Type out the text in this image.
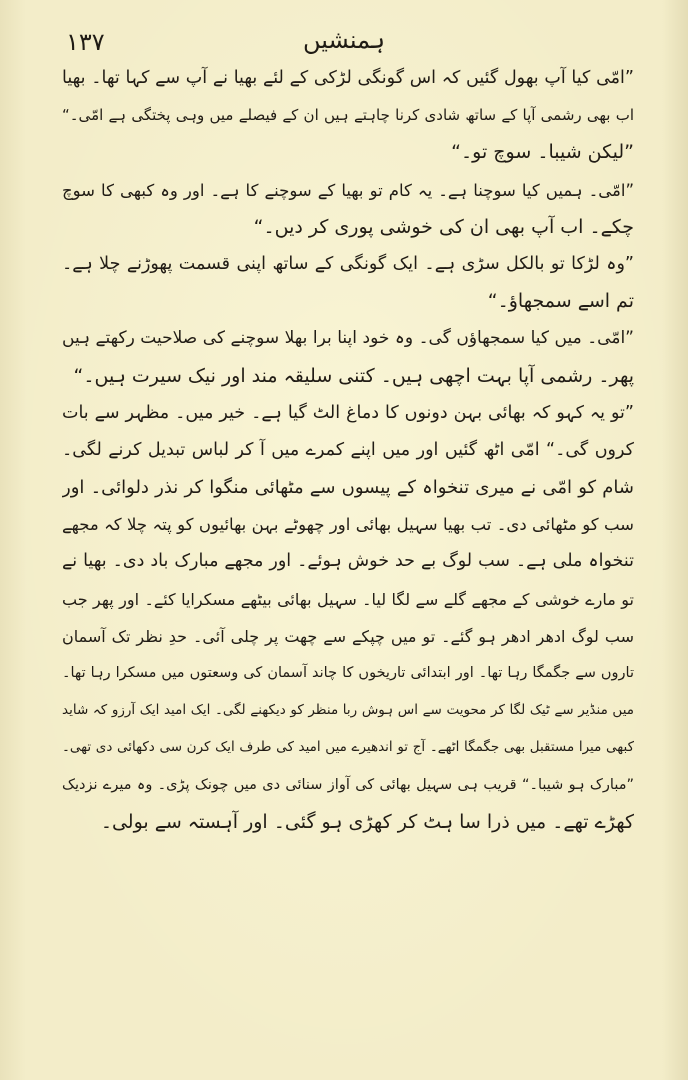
۱۳۷	ہمنشیں
”امّی کیا آپ بھول گئیں کہ اس گونگی لڑکی کے لئے بھیا نے آپ سے کہا تھا۔ بھیا
اب بھی رشمی آپا کے ساتھ شادی کرنا چاہتے ہیں ان کے فیصلے میں وہی پختگی ہے امّی۔“
”لیکن شیبا۔ سوچ تو۔“
”امّی۔ ہمیں کیا سوچنا ہے۔ یہ کام تو بھیا کے سوچنے کا ہے۔ اور وہ کبھی کا سوچ
چکے۔ اب آپ بھی ان کی خوشی پوری کر دیں۔“
”وہ لڑکا تو بالکل سڑی ہے۔ ایک گونگی کے ساتھ اپنی قسمت پھوڑنے چلا ہے۔
تم اسے سمجھاؤ۔“
”امّی۔ میں کیا سمجھاؤں گی۔ وہ خود اپنا برا بھلا سوچنے کی صلاحیت رکھتے ہیں
پھر۔ رشمی آپا بہت اچھی ہیں۔ کتنی سلیقہ مند اور نیک سیرت ہیں۔“
”تو یہ کہو کہ بھائی بہن دونوں کا دماغ الٹ گیا ہے۔ خیر میں۔ مظہر سے بات
کروں گی۔“ امّی اٹھ گئیں اور میں اپنے کمرے میں آ کر لباس تبدیل کرنے لگی۔
شام کو امّی نے میری تنخواہ کے پیسوں سے مٹھائی منگوا کر نذر دلوائی۔ اور
سب کو مٹھائی دی۔ تب بھیا سہیل بھائی اور چھوٹے بہن بھائیوں کو پتہ چلا کہ مجھے
تنخواہ ملی ہے۔ سب لوگ بے حد خوش ہوئے۔ اور مجھے مبارک باد دی۔ بھیا نے
تو مارے خوشی کے مجھے گلے سے لگا لیا۔ سہیل بھائی بیٹھے مسکرایا کئے۔ اور پھر جب
سب لوگ ادھر ادھر ہو گئے۔ تو میں چپکے سے چھت پر چلی آئی۔ حدِ نظر تک آسمان
تاروں سے جگمگا رہا تھا۔ اور ابتدائی تاریخوں کا چاند آسمان کی وسعتوں میں مسکرا رہا تھا۔
میں منڈیر سے ٹیک لگا کر محویت سے اس ہوش ربا منظر کو دیکھنے لگی۔ ایک امید ایک آرزو کہ شاید
کبھی میرا مستقبل بھی جگمگا اٹھے۔ آج تو اندھیرے میں امید کی طرف ایک کرن سی دکھائی دی تھی۔
”مبارک ہو شیبا۔“ قریب ہی سہیل بھائی کی آواز سنائی دی میں چونک پڑی۔ وہ میرے نزدیک
کھڑے تھے۔ میں ذرا سا ہٹ کر کھڑی ہو گئی۔ اور آہستہ سے بولی۔
